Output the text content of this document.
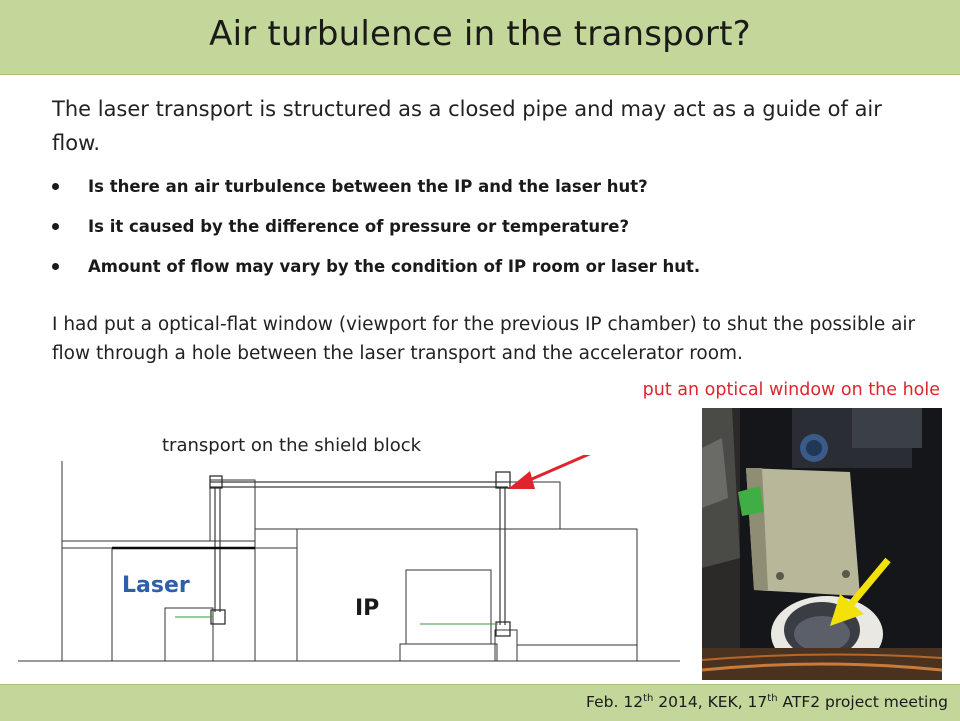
Air turbulence in the transport?
The laser transport is structured as a closed pipe and may act as a guide of air flow.
Is there an air turbulence between the IP and the laser hut?
Is it caused by the difference of pressure or temperature?
Amount of flow may vary by the condition of IP room or laser hut.
I had put a optical-flat window (viewport for the previous IP chamber) to shut the possible air flow through a hole between the laser transport and the accelerator room.
put an optical window on the hole
transport on the shield block
Laser
IP
Feb. 12th 2014, KEK, 17th ATF2 project meeting
